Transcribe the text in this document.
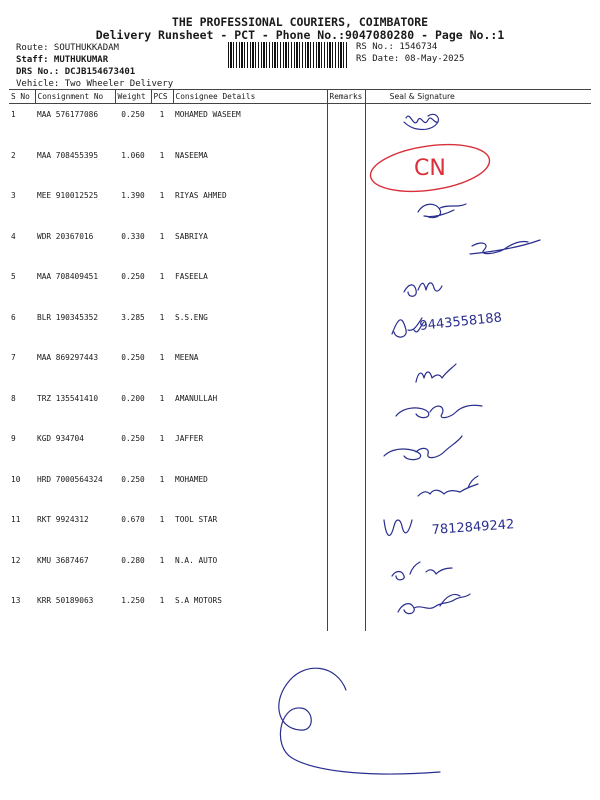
THE PROFESSIONAL COURIERS, COIMBATORE
Delivery Runsheet - PCT - Phone No.:9047080280 - Page No.:1
Route: SOUTHUKKADAM
Staff: MUTHUKUMAR
DRS No.: DCJB154673401
Vehicle: Two Wheeler Delivery
RS No.: 1546734
RS Date: 08-May-2025
S No	Consignment No	Weight	PCS	Consignee Details	Remarks	Seal & Signature
1	MAA 576177086	0.250	1	MOHAMED WASEEM		
2	MAA 708455395	1.060	1	NASEEMA		
3	MEE 910012525	1.390	1	RIYAS AHMED		
4	WDR 20367016	0.330	1	SABRIYA		
5	MAA 708409451	0.250	1	FASEELA		
6	BLR 190345352	3.285	1	S.S.ENG		
7	MAA 869297443	0.250	1	MEENA		
8	TRZ 135541410	0.200	1	AMANULLAH		
9	KGD 934704	0.250	1	JAFFER		
10	HRD 7000564324	0.250	1	MOHAMED		
11	RKT 9924312	0.670	1	TOOL STAR		
12	KMU 3687467	0.280	1	N.A. AUTO		
13	KRR 50189063	1.250	1	S.A MOTORS		
CN
9443558188
7812849242
